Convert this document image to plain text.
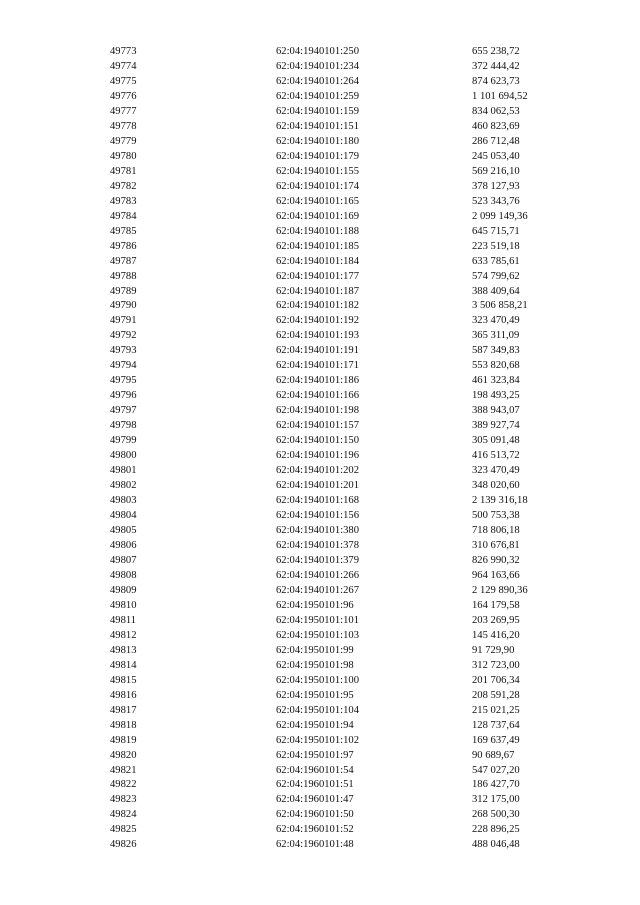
49773	62:04:1940101:250	655 238,72
49774	62:04:1940101:234	372 444,42
49775	62:04:1940101:264	874 623,73
49776	62:04:1940101:259	1 101 694,52
49777	62:04:1940101:159	834 062,53
49778	62:04:1940101:151	460 823,69
49779	62:04:1940101:180	286 712,48
49780	62:04:1940101:179	245 053,40
49781	62:04:1940101:155	569 216,10
49782	62:04:1940101:174	378 127,93
49783	62:04:1940101:165	523 343,76
49784	62:04:1940101:169	2 099 149,36
49785	62:04:1940101:188	645 715,71
49786	62:04:1940101:185	223 519,18
49787	62:04:1940101:184	633 785,61
49788	62:04:1940101:177	574 799,62
49789	62:04:1940101:187	388 409,64
49790	62:04:1940101:182	3 506 858,21
49791	62:04:1940101:192	323 470,49
49792	62:04:1940101:193	365 311,09
49793	62:04:1940101:191	587 349,83
49794	62:04:1940101:171	553 820,68
49795	62:04:1940101:186	461 323,84
49796	62:04:1940101:166	198 493,25
49797	62:04:1940101:198	388 943,07
49798	62:04:1940101:157	389 927,74
49799	62:04:1940101:150	305 091,48
49800	62:04:1940101:196	416 513,72
49801	62:04:1940101:202	323 470,49
49802	62:04:1940101:201	348 020,60
49803	62:04:1940101:168	2 139 316,18
49804	62:04:1940101:156	500 753,38
49805	62:04:1940101:380	718 806,18
49806	62:04:1940101:378	310 676,81
49807	62:04:1940101:379	826 990,32
49808	62:04:1940101:266	964 163,66
49809	62:04:1940101:267	2 129 890,36
49810	62:04:1950101:96	164 179,58
49811	62:04:1950101:101	203 269,95
49812	62:04:1950101:103	145 416,20
49813	62:04:1950101:99	91 729,90
49814	62:04:1950101:98	312 723,00
49815	62:04:1950101:100	201 706,34
49816	62:04:1950101:95	208 591,28
49817	62:04:1950101:104	215 021,25
49818	62:04:1950101:94	128 737,64
49819	62:04:1950101:102	169 637,49
49820	62:04:1950101:97	90 689,67
49821	62:04:1960101:54	547 027,20
49822	62:04:1960101:51	186 427,70
49823	62:04:1960101:47	312 175,00
49824	62:04:1960101:50	268 500,30
49825	62:04:1960101:52	228 896,25
49826	62:04:1960101:48	488 046,48
